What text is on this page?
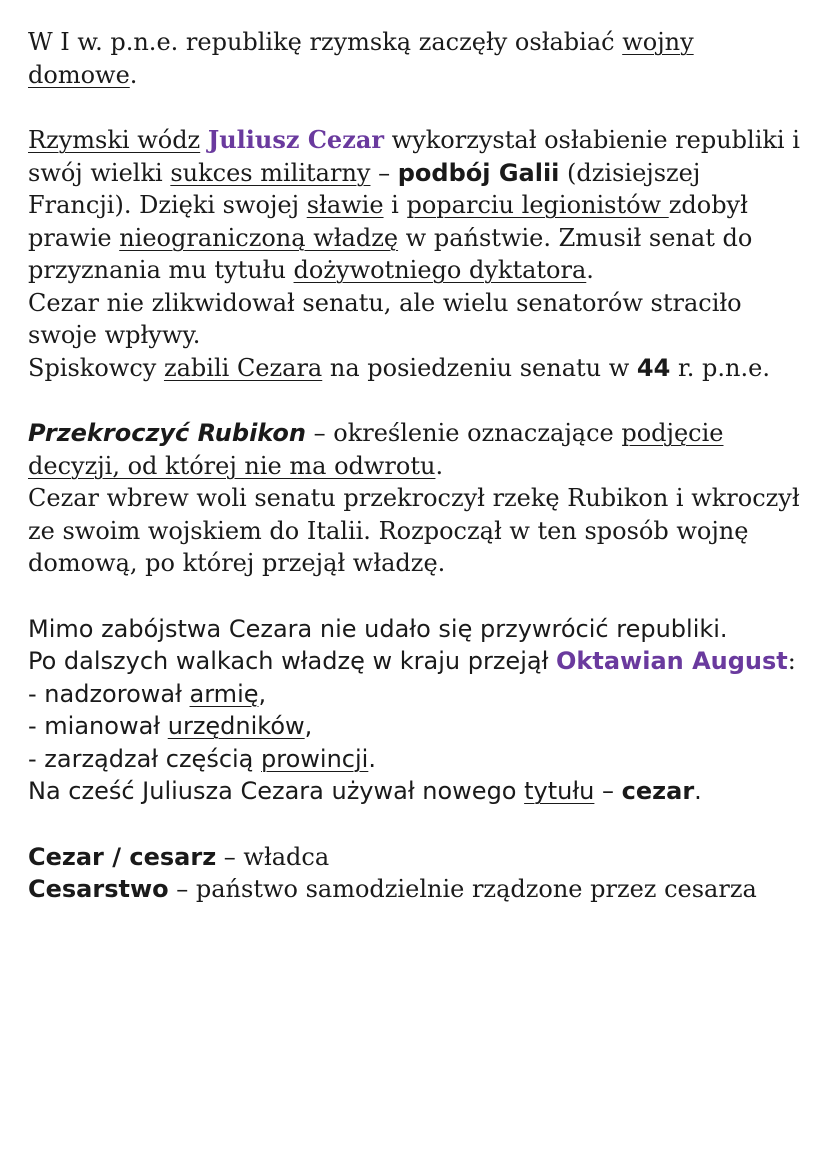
W I w. p.n.e. republikę rzymską zaczęły osłabiać wojny domowe.

Rzymski wódz Juliusz Cezar wykorzystał osłabienie republiki i swój wielki sukces militarny – podbój Galii (dzisiejszej Francji). Dzięki swojej sławie i poparciu legionistów zdobył prawie nieograniczoną władzę w państwie. Zmusił senat do przyznania mu tytułu dożywotniego dyktatora.

Cezar nie zlikwidował senatu, ale wielu senatorów straciło swoje wpływy.

Spiskowcy zabili Cezara na posiedzeniu senatu w 44 r. p.n.e.

Przekroczyć Rubikon – określenie oznaczające podjęcie decyzji, od której nie ma odwrotu.

Cezar wbrew woli senatu przekroczył rzekę Rubikon i wkroczył ze swoim wojskiem do Italii. Rozpoczął w ten sposób wojnę domową, po której przejął władzę.

Mimo zabójstwa Cezara nie udało się przywrócić republiki.

Po dalszych walkach władzę w kraju przejął Oktawian August:

- nadzorował armię,

- mianował urzędników,

- zarządzał częścią prowincji.

Na cześć Juliusza Cezara używał nowego tytułu – cezar.

Cezar / cesarz – władca

Cesarstwo – państwo samodzielnie rządzone przez cesarza
